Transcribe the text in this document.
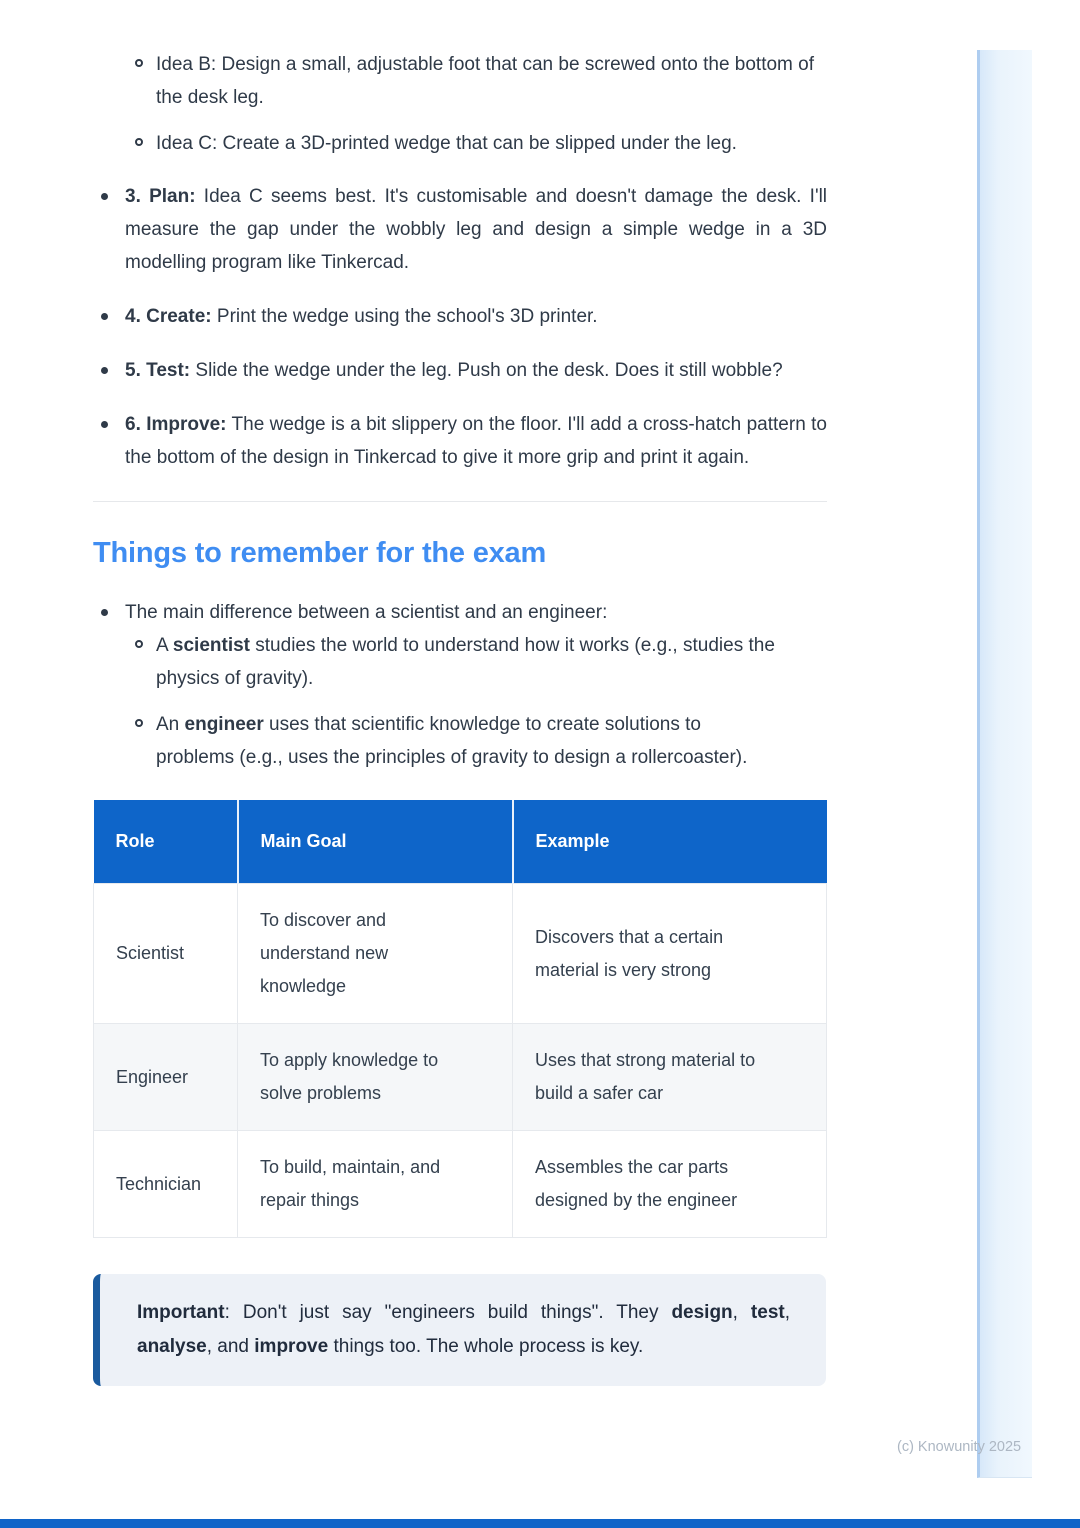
Idea B: Design a small, adjustable foot that can be screwed onto the bottom of the desk leg.
Idea C: Create a 3D-printed wedge that can be slipped under the leg.
3. Plan: Idea C seems best. It's customisable and doesn't damage the desk. I'll measure the gap under the wobbly leg and design a simple wedge in a 3D modelling program like Tinkercad.
4. Create: Print the wedge using the school's 3D printer.
5. Test: Slide the wedge under the leg. Push on the desk. Does it still wobble?
6. Improve: The wedge is a bit slippery on the floor. I'll add a cross-hatch pattern to the bottom of the design in Tinkercad to give it more grip and print it again.
Things to remember for the exam
The main difference between a scientist and an engineer:
A scientist studies the world to understand how it works (e.g., studies the physics of gravity).
An engineer uses that scientific knowledge to create solutions to problems (e.g., uses the principles of gravity to design a rollercoaster).
Role	Main Goal	Example
Scientist	To discover and understand new knowledge	Discovers that a certain material is very strong
Engineer	To apply knowledge to solve problems	Uses that strong material to build a safer car
Technician	To build, maintain, and repair things	Assembles the car parts designed by the engineer

Important: Don't just say "engineers build things". They design, test, analyse, and improve things too. The whole process is key.

(c) Knowunity 2025
